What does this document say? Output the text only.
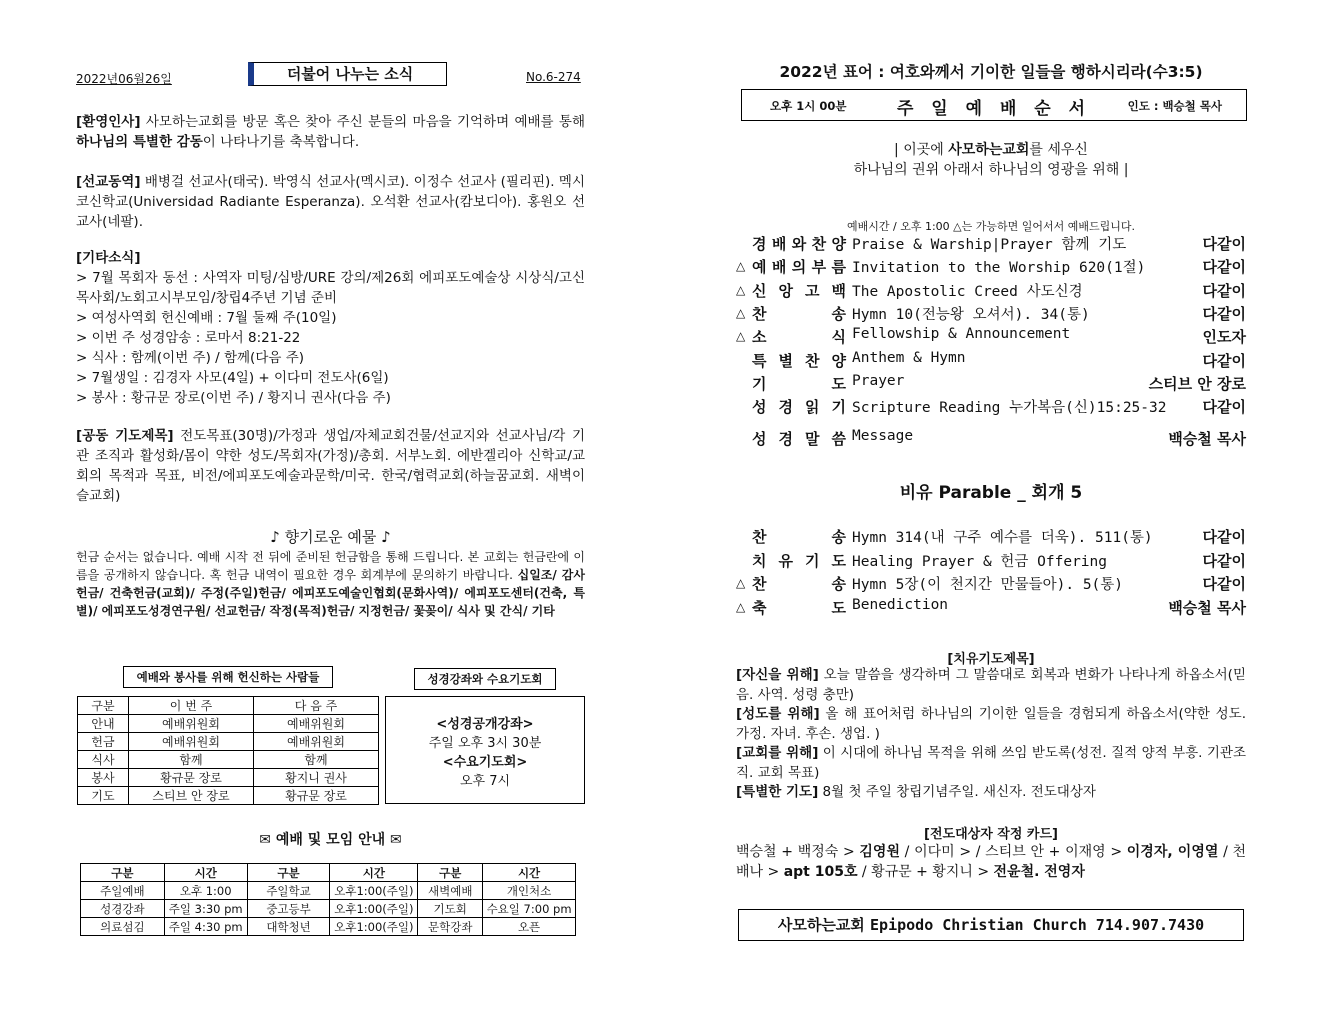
2022년06월26일	더불어 나누는 소식	No.6-274
[환영인사] 사모하는교회를 방문 혹은 찾아 주신 분들의 마음을 기억하며 예배를 통해 하나님의 특별한 감동이 나타나기를 축복합니다.
[선교동역] 배병걸 선교사(태국). 박영식 선교사(멕시코). 이정수 선교사 (필리핀). 멕시코신학교(Universidad Radiante Esperanza). 오석환 선교사(캄보디아). 홍원오 선교사(네팔).
[기타소식]
> 7월 목회자 동선 : 사역자 미팅/심방/URE 강의/제26회 에피포도예술상 시상식/고신목사회/노회고시부모임/창립4주년 기념 준비
> 여성사역회 헌신예배 : 7월 둘째 주(10일)
> 이번 주 성경암송 : 로마서 8:21-22
> 식사 : 함께(이번 주) / 함께(다음 주)
> 7월생일 : 김경자 사모(4일) + 이다미 전도사(6일)
> 봉사 : 황규문 장로(이번 주) / 황지니 권사(다음 주)
[공동 기도제목] 전도목표(30명)/가정과 생업/자체교회건물/선교지와 선교사님/각 기관 조직과 활성화/몸이 약한 성도/목회자(가정)/총회. 서부노회. 에반겔리아 신학교/교회의 목적과 목표, 비전/에피포도예술과문학/미국. 한국/협력교회(하늘꿈교회. 새벽이슬교회)
♪ 향기로운 예물 ♪
헌금 순서는 없습니다. 예배 시작 전 뒤에 준비된 헌금함을 통해 드립니다. 본 교회는 헌금란에 이름을 공개하지 않습니다. 혹 헌금 내역이 필요한 경우 회계부에 문의하기 바랍니다. 십일조/ 감사헌금/ 건축헌금(교회)/ 주정(주일)헌금/ 에피포도예술인협회(문화사역)/ 에피포도센터(건축, 특별)/ 에피포도성경연구원/ 선교헌금/ 작정(목적)헌금/ 지정헌금/ 꽃꽂이/ 식사 및 간식/ 기타
예배와 봉사를 위해 헌신하는 사람들	성경강좌와 수요기도회
구분	이 번 주	다 음 주
안내	예배위원회	예배위원회
헌금	예배위원회	예배위원회
식사	함께	함께
봉사	황규문 장로	황지니 권사
기도	스티브 안 장로	황규문 장로
<성경공개강좌>
주일 오후 3시 30분
<수요기도회>
오후 7시
✉ 예배 및 모임 안내 ✉
구분	시간	구분	시간	구분	시간
주일예배	오후 1:00	주일학교	오후1:00(주일)	새벽예배	개인처소
성경강좌	주일 3:30 pm	중고등부	오후1:00(주일)	기도회	수요일 7:00 pm
의료섬김	주일 4:30 pm	대학청년	오후1:00(주일)	문학강좌	오픈
2022년 표어 : 여호와께서 기이한 일들을 행하시리라(수3:5)
오후 1시 00분	주 일 예 배 순 서	인도 : 백승철 목사
| 이곳에 사모하는교회를 세우신
하나님의 권위 아래서 하나님의 영광을 위해 |
예배시간 / 오후 1:00 △는 가능하면 일어서서 예배드립니다.
경 배 와 찬 양 Praise & Warship|Prayer 함께 기도	다같이
△ 예 배 의 부 름 Invitation to the Worship 620(1절)	다같이
△ 신 앙 고 백 The Apostolic Creed 사도신경	다같이
△ 찬	송 Hymn 10(전능왕 오셔서). 34(통)	다같이
△ 소	식 Fellowship & Announcement	인도자
특 별 찬 양 Anthem & Hymn	다같이
기	도 Prayer	스티브 안 장로
성 경 읽 기 Scripture Reading 누가복음(신)15:25-32 다같이
성 경 말 씀 Message	백승철 목사
비유 Parable _ 회개 5
찬	송 Hymn 314(내 구주 예수를 더욱). 511(통)	다같이
치 유 기 도 Healing Prayer & 헌금 Offering	다같이
△ 찬	송 Hymn 5장(이 천지간 만물들아). 5(통)	다같이
△ 축	도 Benediction	백승철 목사
[치유기도제목]
[자신을 위해] 오늘 말씀을 생각하며 그 말씀대로 회복과 변화가 나타나게 하옵소서(믿음. 사역. 성령 충만)
[성도를 위해] 올 해 표어처럼 하나님의 기이한 일들을 경험되게 하옵소서(약한 성도. 가정. 자녀. 후손. 생업. )
[교회를 위해] 이 시대에 하나님 목적을 위해 쓰임 받도록(성전. 질적 양적 부흥. 기관조직. 교회 목표)
[특별한 기도] 8월 첫 주일 창립기념주일. 새신자. 전도대상자
[전도대상자 작정 카드]
백승철 + 백정숙 > 김영원 / 이다미 > / 스티브 안 + 이재영 > 이경자, 이영열 / 천배나 > apt 105호 / 황규문 + 황지니 > 전윤철. 전영자
사모하는교회 Epipodo Christian Church 714.907.7430
